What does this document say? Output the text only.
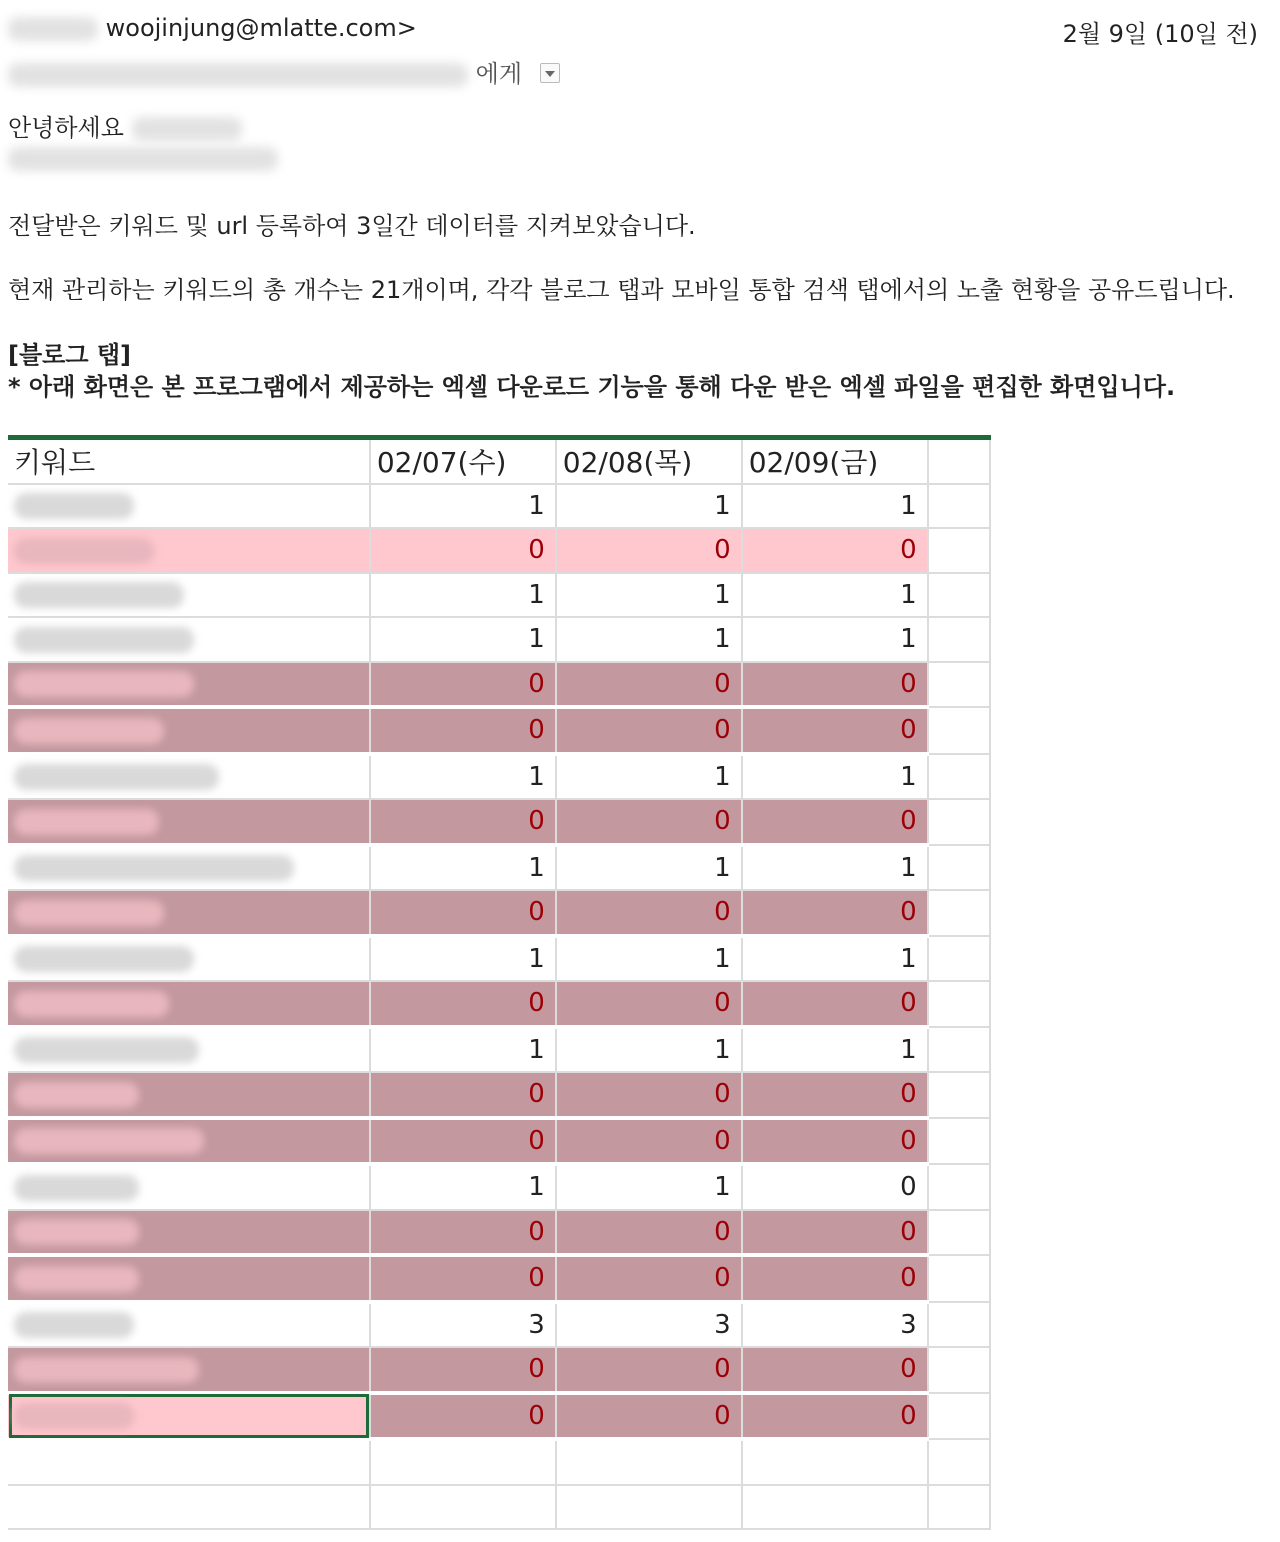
woojinjung@mlatte.com>	2월 9일 (10일 전)
에게
안녕하세요
전달받은 키워드 및 url 등록하여 3일간 데이터를 지켜보았습니다.
현재 관리하는 키워드의 총 개수는 21개이며, 각각 블로그 탭과 모바일 통합 검색 탭에서의 노출 현황을 공유드립니다.
[블로그 탭]
* 아래 화면은 본 프로그램에서 제공하는 엑셀 다운로드 기능을 통해 다운 받은 엑셀 파일을 편집한 화면입니다.
키워드	02/07(수)	02/08(목)	02/09(금)	
	1	1	1	
	0	0	0	
	1	1	1	
	1	1	1	
	0	0	0	
	0	0	0	
	1	1	1	
	0	0	0	
	1	1	1	
	0	0	0	
	1	1	1	
	0	0	0	
	1	1	1	
	0	0	0	
	0	0	0	
	1	1	0	
	0	0	0	
	0	0	0	
	3	3	3	
	0	0	0	
	0	0	0	
